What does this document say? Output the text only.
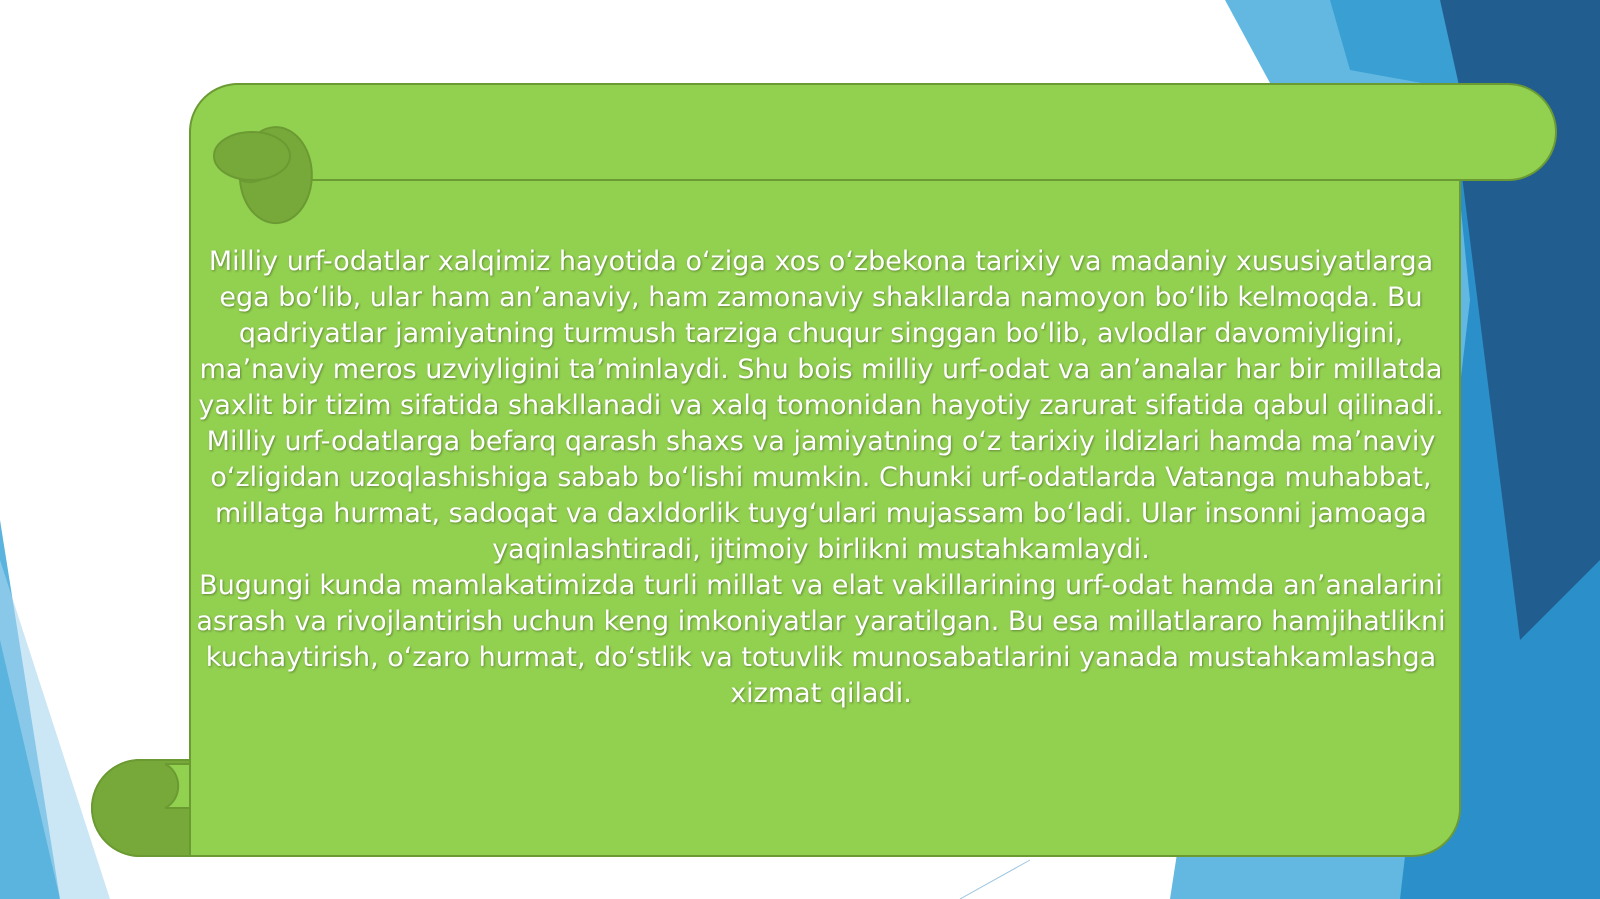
Milliy urf-odatlar xalqimiz hayotida oʻziga xos oʻzbekona tarixiy va madaniy xususiyatlarga ega boʻlib, ular ham anʼanaviy, ham zamonaviy shakllarda namoyon boʻlib kelmoqda. Bu qadriyatlar jamiyatning turmush tarziga chuqur singgan boʻlib, avlodlar davomiyligini, maʼnaviy meros uzviyligini taʼminlaydi. Shu bois milliy urf-odat va anʼanalar har bir millatda yaxlit bir tizim sifatida shakllanadi va xalq tomonidan hayotiy zarurat sifatida qabul qilinadi.

Milliy urf-odatlarga befarq qarash shaxs va jamiyatning oʻz tarixiy ildizlari hamda maʼnaviy oʻzligidan uzoqlashishiga sabab boʻlishi mumkin. Chunki urf-odatlarda Vatanga muhabbat, millatga hurmat, sadoqat va daxldorlik tuygʻulari mujassam boʻladi. Ular insonni jamoaga yaqinlashtiradi, ijtimoiy birlikni mustahkamlaydi.

Bugungi kunda mamlakatimizda turli millat va elat vakillarining urf-odat hamda anʼanalarini asrash va rivojlantirish uchun keng imkoniyatlar yaratilgan. Bu esa millatlararo hamjihatlikni kuchaytirish, oʻzaro hurmat, doʻstlik va totuvlik munosabatlarini yanada mustahkamlashga xizmat qiladi.
